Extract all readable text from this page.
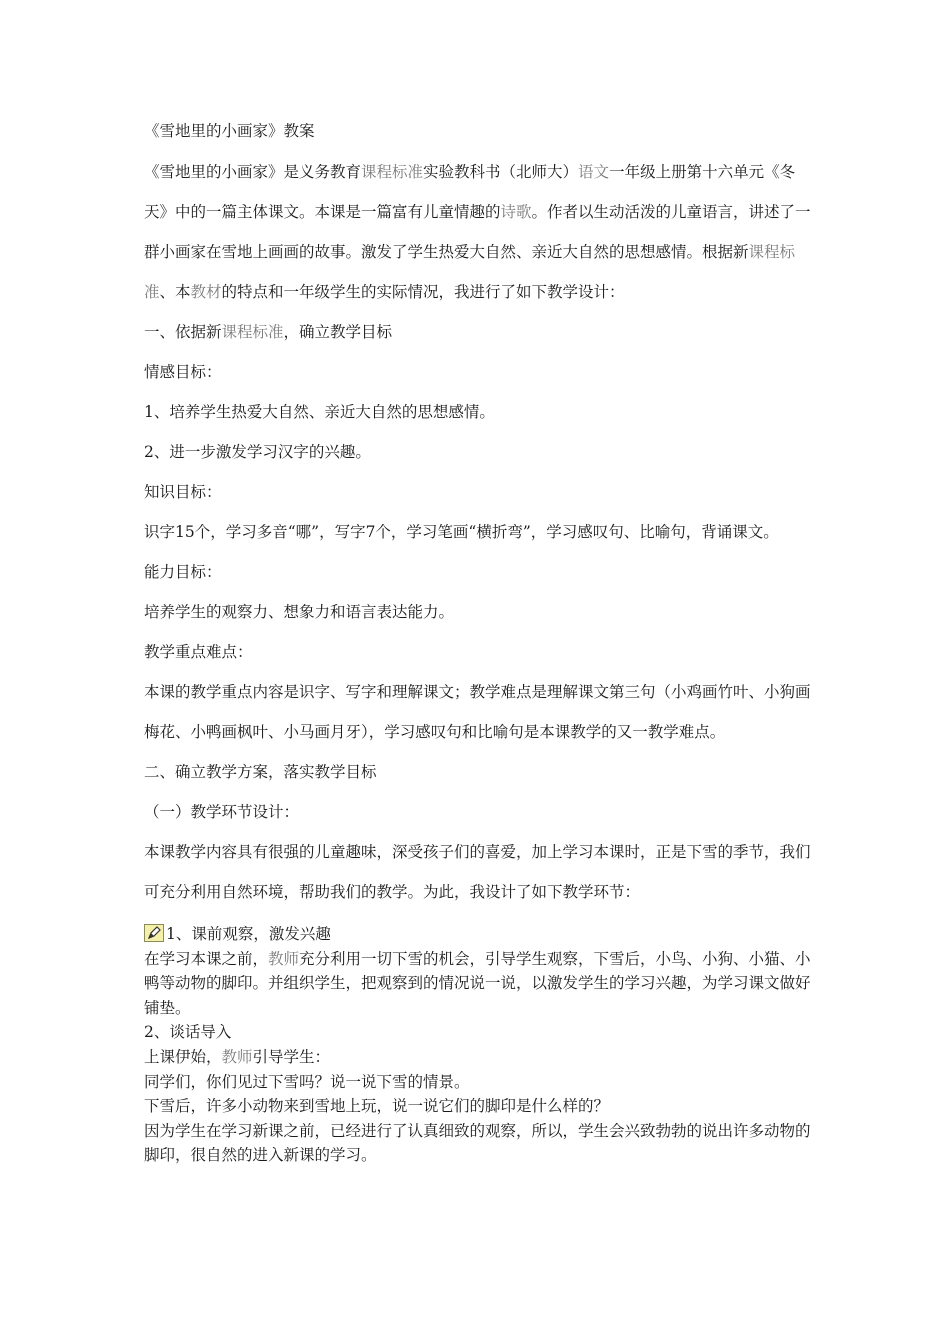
《雪地里的小画家》教案
《雪地里的小画家》是义务教育课程标准实验教科书（北师大）语文一年级上册第十六单元《冬天》中的一篇主体课文。本课是一篇富有儿童情趣的诗歌。作者以生动活泼的儿童语言，讲述了一群小画家在雪地上画画的故事。激发了学生热爱大自然、亲近大自然的思想感情。根据新课程标准、本教材的特点和一年级学生的实际情况，我进行了如下教学设计：
一、依据新课程标准，确立教学目标
情感目标：
1、培养学生热爱大自然、亲近大自然的思想感情。
2、进一步激发学习汉字的兴趣。
知识目标：
识字15个，学习多音“哪”，写字7个，学习笔画“横折弯”，学习感叹句、比喻句，背诵课文。
能力目标：
培养学生的观察力、想象力和语言表达能力。
教学重点难点：
本课的教学重点内容是识字、写字和理解课文；教学难点是理解课文第三句（小鸡画竹叶、小狗画梅花、小鸭画枫叶、小马画月牙），学习感叹句和比喻句是本课教学的又一教学难点。
二、确立教学方案，落实教学目标
（一）教学环节设计：
本课教学内容具有很强的儿童趣味，深受孩子们的喜爱，加上学习本课时，正是下雪的季节，我们可充分利用自然环境，帮助我们的教学。为此，我设计了如下教学环节：
1、课前观察，激发兴趣
在学习本课之前，教师充分利用一切下雪的机会，引导学生观察，下雪后，小鸟、小狗、小猫、小鸭等动物的脚印。并组织学生，把观察到的情况说一说，以激发学生的学习兴趣，为学习课文做好铺垫。
2、谈话导入
上课伊始，教师引导学生：
同学们，你们见过下雪吗？说一说下雪的情景。
下雪后，许多小动物来到雪地上玩，说一说它们的脚印是什么样的？
因为学生在学习新课之前，已经进行了认真细致的观察，所以，学生会兴致勃勃的说出许多动物的脚印，很自然的进入新课的学习。
